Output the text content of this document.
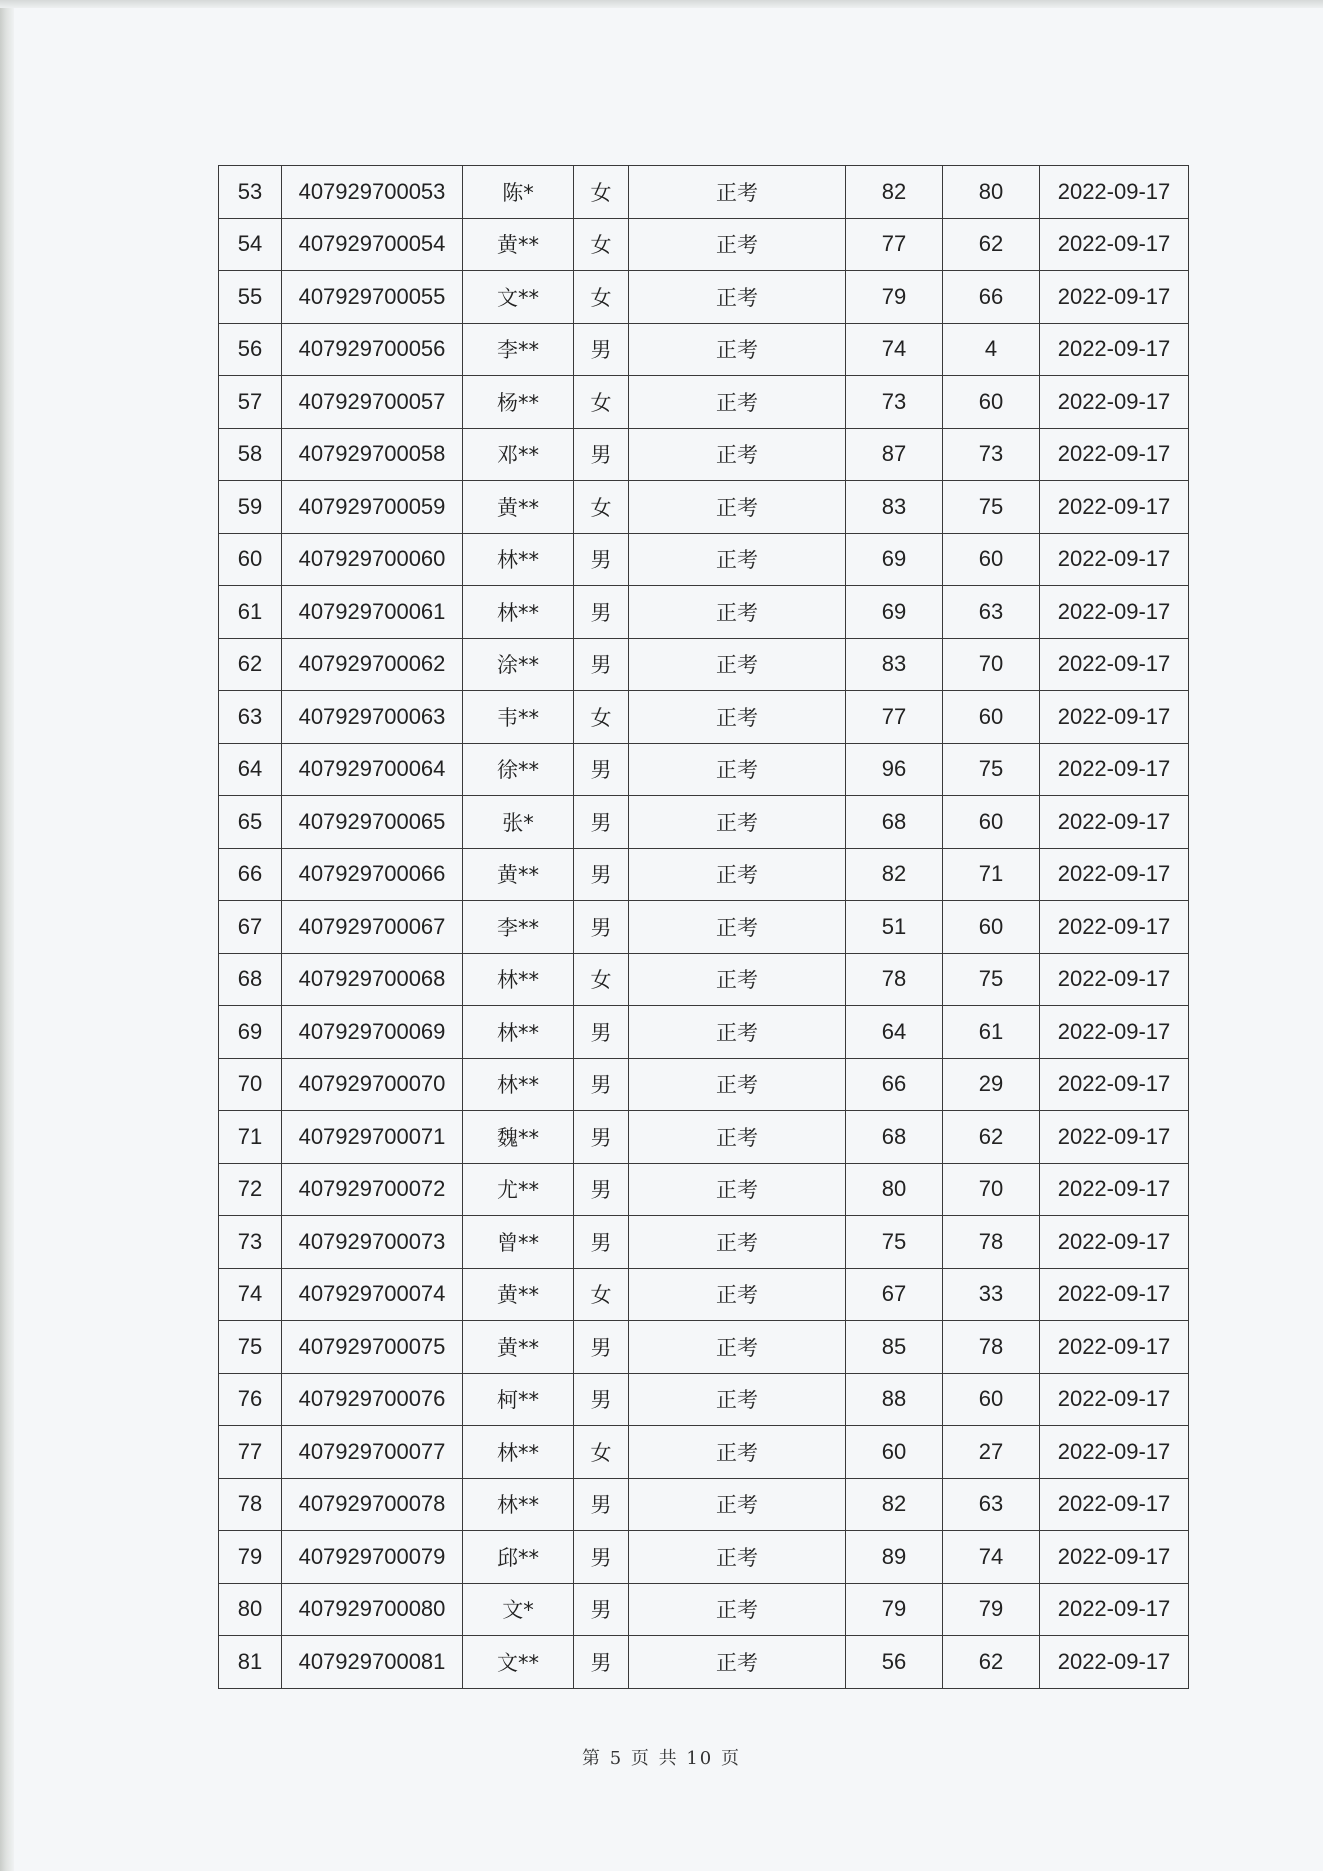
53	407929700053	陈*	女	正考	82	80	2022-09-17
54	407929700054	黄**	女	正考	77	62	2022-09-17
55	407929700055	文**	女	正考	79	66	2022-09-17
56	407929700056	李**	男	正考	74	4	2022-09-17
57	407929700057	杨**	女	正考	73	60	2022-09-17
58	407929700058	邓**	男	正考	87	73	2022-09-17
59	407929700059	黄**	女	正考	83	75	2022-09-17
60	407929700060	林**	男	正考	69	60	2022-09-17
61	407929700061	林**	男	正考	69	63	2022-09-17
62	407929700062	涂**	男	正考	83	70	2022-09-17
63	407929700063	韦**	女	正考	77	60	2022-09-17
64	407929700064	徐**	男	正考	96	75	2022-09-17
65	407929700065	张*	男	正考	68	60	2022-09-17
66	407929700066	黄**	男	正考	82	71	2022-09-17
67	407929700067	李**	男	正考	51	60	2022-09-17
68	407929700068	林**	女	正考	78	75	2022-09-17
69	407929700069	林**	男	正考	64	61	2022-09-17
70	407929700070	林**	男	正考	66	29	2022-09-17
71	407929700071	魏**	男	正考	68	62	2022-09-17
72	407929700072	尤**	男	正考	80	70	2022-09-17
73	407929700073	曾**	男	正考	75	78	2022-09-17
74	407929700074	黄**	女	正考	67	33	2022-09-17
75	407929700075	黄**	男	正考	85	78	2022-09-17
76	407929700076	柯**	男	正考	88	60	2022-09-17
77	407929700077	林**	女	正考	60	27	2022-09-17
78	407929700078	林**	男	正考	82	63	2022-09-17
79	407929700079	邱**	男	正考	89	74	2022-09-17
80	407929700080	文*	男	正考	79	79	2022-09-17
81	407929700081	文**	男	正考	56	62	2022-09-17
第 5 页 共 10 页
